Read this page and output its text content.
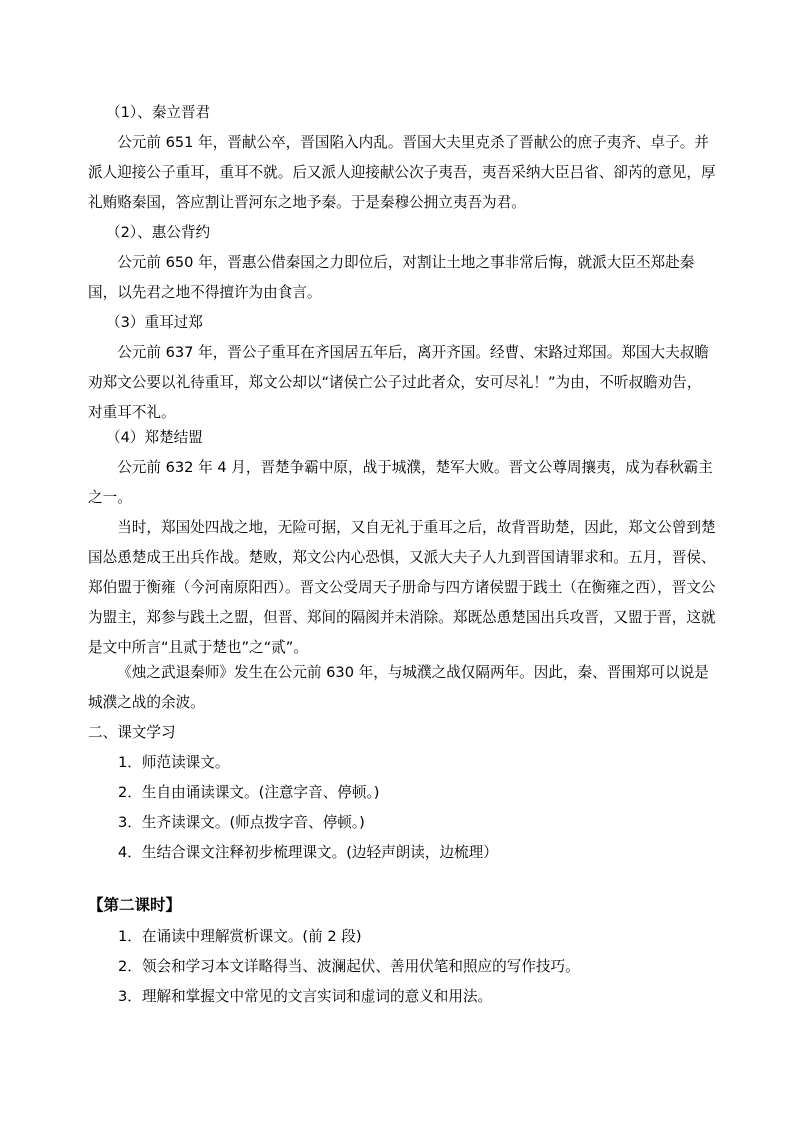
（1）、秦立晋君
公元前 651 年，晋献公卒，晋国陷入内乱。晋国大夫里克杀了晋献公的庶子夷齐、卓子。并派人迎接公子重耳，重耳不就。后又派人迎接献公次子夷吾，夷吾采纳大臣吕省、卻芮的意见，厚礼贿赂秦国，答应割让晋河东之地予秦。于是秦穆公拥立夷吾为君。
（2）、惠公背约
公元前 650 年，晋惠公借秦国之力即位后，对割让土地之事非常后悔，就派大臣丕郑赴秦国，以先君之地不得擅许为由食言。
（3）重耳过郑
公元前 637 年，晋公子重耳在齐国居五年后，离开齐国。经曹、宋路过郑国。郑国大夫叔瞻劝郑文公要以礼待重耳，郑文公却以“诸侯亡公子过此者众，安可尽礼！”为由，不听叔瞻劝告，对重耳不礼。
（4）郑楚结盟
公元前 632 年 4 月，晋楚争霸中原，战于城濮，楚军大败。晋文公尊周攘夷，成为春秋霸主之一。
当时，郑国处四战之地，无险可据，又自无礼于重耳之后，故背晋助楚，因此，郑文公曾到楚国怂恿楚成王出兵作战。楚败，郑文公内心恐惧，又派大夫子人九到晋国请罪求和。五月，晋侯、郑伯盟于衡雍（今河南原阳西）。晋文公受周天子册命与四方诸侯盟于践土（在衡雍之西），晋文公为盟主，郑参与践土之盟，但晋、郑间的隔阂并未消除。郑既怂恿楚国出兵攻晋，又盟于晋，这就是文中所言“且贰于楚也”之“贰”。
《烛之武退秦师》发生在公元前 630 年，与城濮之战仅隔两年。因此，秦、晋围郑可以说是城濮之战的余波。
二、课文学习
1．师范读课文。
2．生自由诵读课文。(注意字音、停顿。)
3．生齐读课文。(师点拨字音、停顿。)
4．生结合课文注释初步梳理课文。(边轻声朗读，边梳理）
【第二课时】
1．在诵读中理解赏析课文。(前 2 段)
2．领会和学习本文详略得当、波澜起伏、善用伏笔和照应的写作技巧。
3．理解和掌握文中常见的文言实词和虚词的意义和用法。
